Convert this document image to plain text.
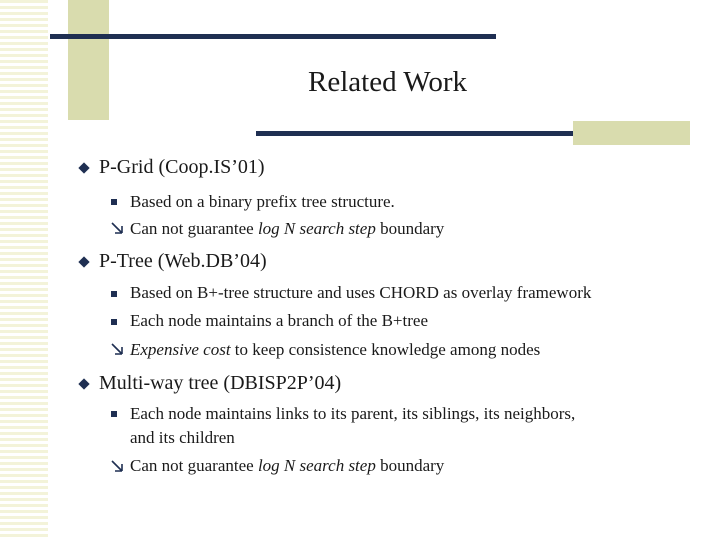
Related Work
P-Grid (Coop.IS’01)
Based on a binary prefix tree structure.
Can not guarantee log N search step boundary
P-Tree (Web.DB’04)
Based on B+-tree structure and uses CHORD as overlay framework
Each node maintains a branch of the B+tree
Expensive cost to keep consistence knowledge among nodes
Multi-way tree (DBISP2P’04)
Each node maintains links to its parent, its siblings, its neighbors,
and its children
Can not guarantee log N search step boundary
